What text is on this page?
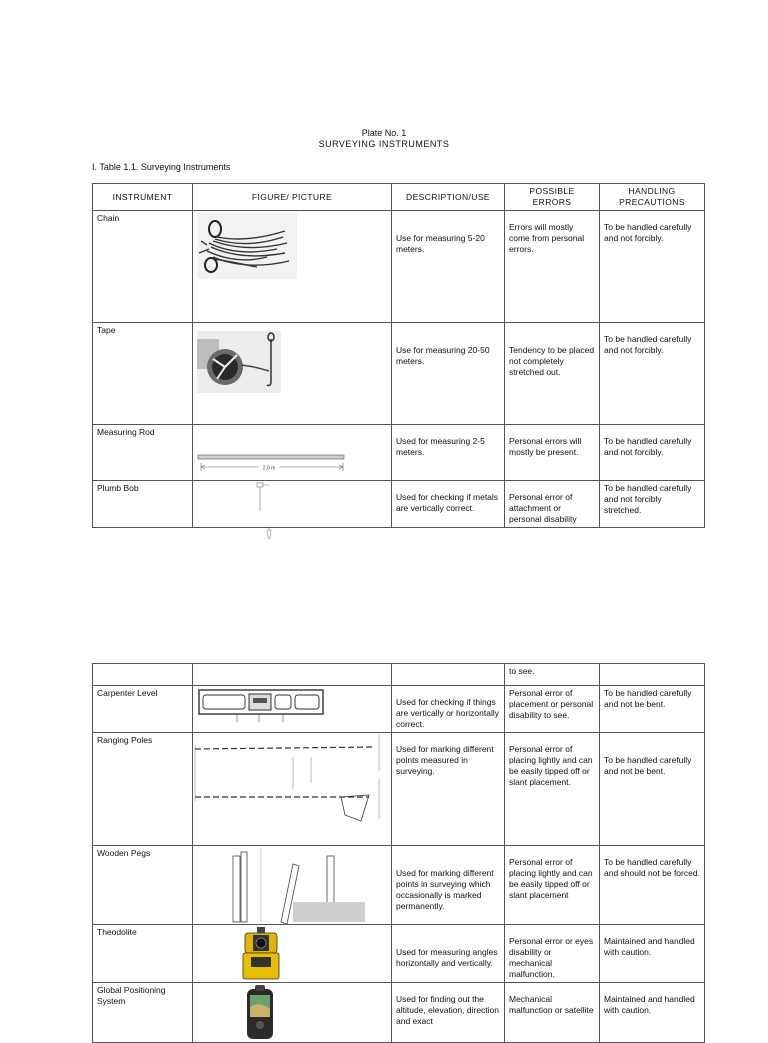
Plate No. 1
SURVEYING INSTRUMENTS
I. Table 1.1. Surveying Instruments
INSTRUMENT	FIGURE/ PICTURE	DESCRIPTION/USE	POSSIBLE ERRORS	HANDLING PRECAUTIONS
Chain		Use for measuring 5-20 meters.	Errors will mostly come from personal errors.	To be handled carefully and not forcibly.
Tape		Use for measuring 20-50 meters.	Tendency to be placed not completely stretched out.	To be handled carefully and not forcibly.
Measuring Rod	2.0 m	Used for measuring 2-5 meters.	Personal errors will mostly be present.	To be handled carefully and not forcibly.
Plumb Bob		Used for checking if metals are vertically correct.	Personal error of attachment or personal disability	To be handled carefully and not forcibly stretched.
			to see.	
Carpenter Level		Used for checking if things are vertically or horizontally correct.	Personal error of placement or personal disability to see.	To be handled carefully and not be bent.
Ranging Poles		Used for marking different points measured in surveying.	Personal error of placing lightly and can be easily tipped off or slant placement.	To be handled carefully and not be bent.
Wooden Pegs		Used for marking different points in surveying which occasionally is marked permanently.	Personal error of placing lightly and can be easily tipped off or slant placement	To be handled carefully and should not be forced.
Theodolite		Used for measuring angles horizontally and vertically.	Personal error or eyes disability or mechanical malfunction.	Maintained and handled with caution.
Global Positioning System		Used for finding out the altitude, elevation, direction and exact	Mechanical malfunction or satellite	Maintained and handled with caution.
